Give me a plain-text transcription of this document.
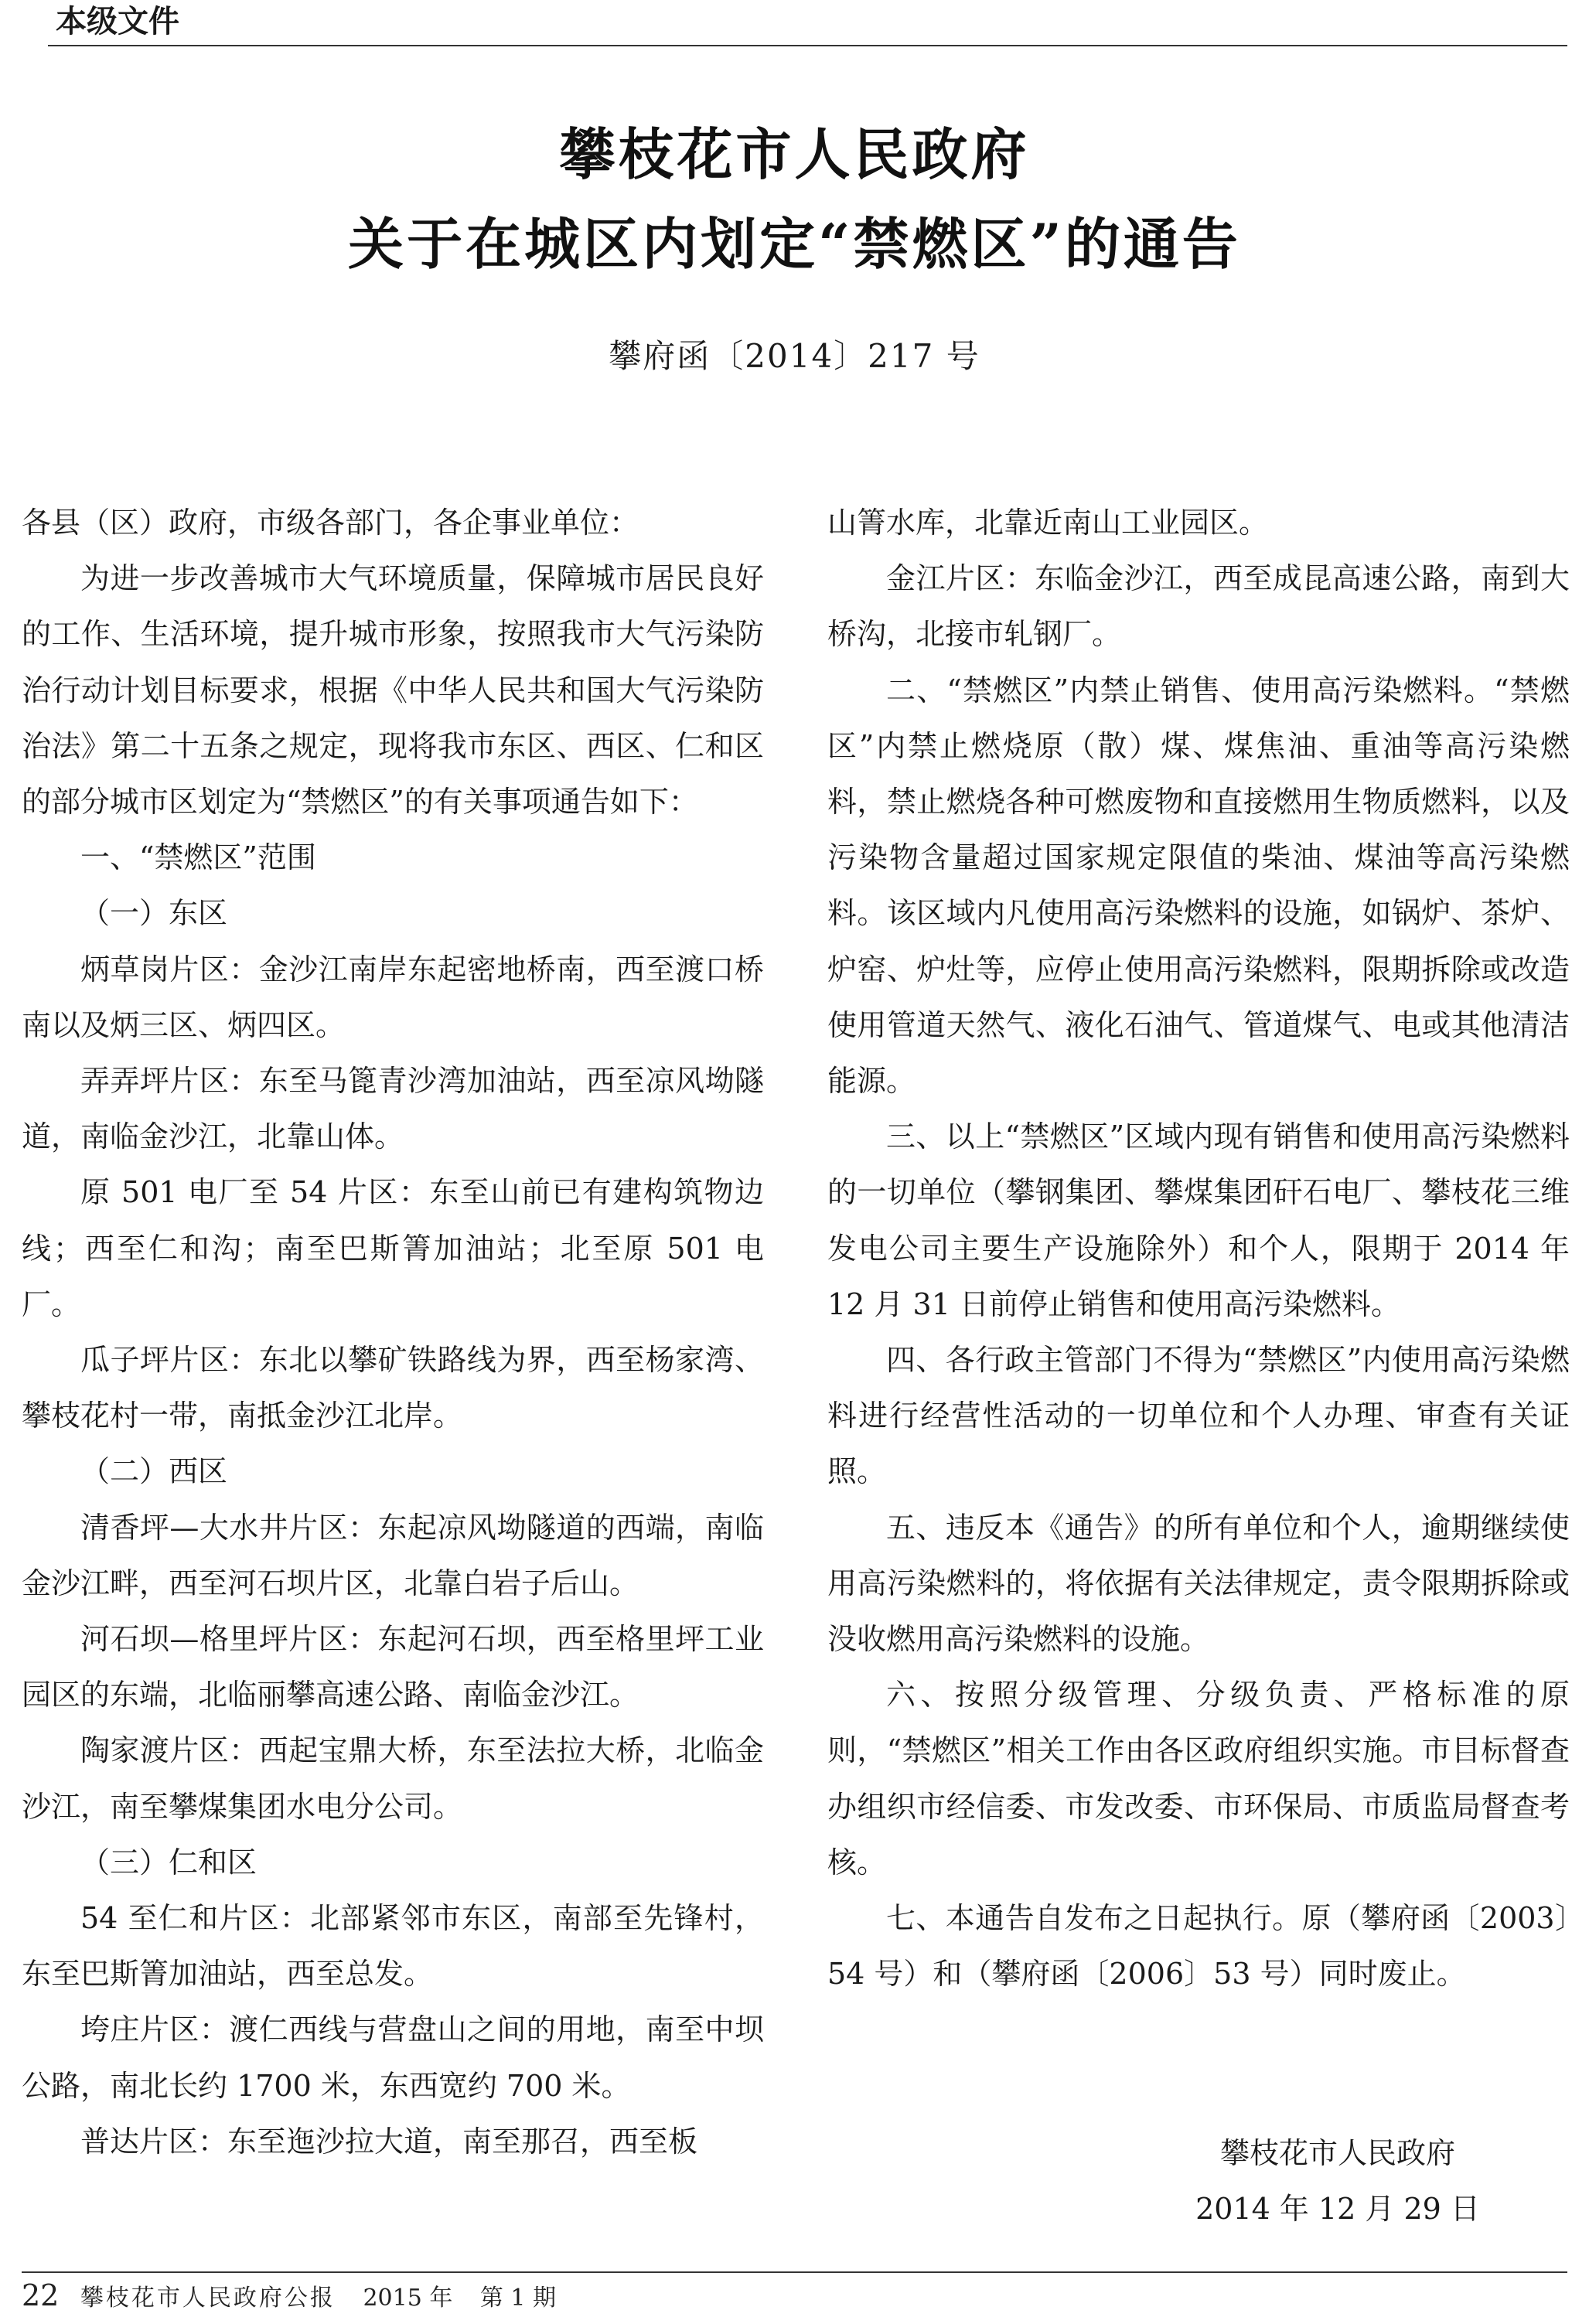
本级文件
攀枝花市人民政府
关于在城区内划定“禁燃区”的通告
攀府函〔2014〕217 号

各县（区）政府，市级各部门，各企事业单位：

为进一步改善城市大气环境质量，保障城市居民良好的工作、生活环境，提升城市形象，按照我市大气污染防治行动计划目标要求，根据《中华人民共和国大气污染防治法》第二十五条之规定，现将我市东区、西区、仁和区的部分城市区划定为“禁燃区”的有关事项通告如下：

一、“禁燃区”范围

（一）东区

炳草岗片区：金沙江南岸东起密地桥南，西至渡口桥南以及炳三区、炳四区。

弄弄坪片区：东至马篦青沙湾加油站，西至凉风坳隧道，南临金沙江，北靠山体。

原 501 电厂至 54 片区：东至山前已有建构筑物边线；西至仁和沟；南至巴斯箐加油站；北至原 501 电厂。

瓜子坪片区：东北以攀矿铁路线为界，西至杨家湾、攀枝花村一带，南抵金沙江北岸。

（二）西区

清香坪—大水井片区：东起凉风坳隧道的西端，南临金沙江畔，西至河石坝片区，北靠白岩子后山。

河石坝—格里坪片区：东起河石坝，西至格里坪工业园区的东端，北临丽攀高速公路、南临金沙江。

陶家渡片区：西起宝鼎大桥，东至法拉大桥，北临金沙江，南至攀煤集团水电分公司。

（三）仁和区

54 至仁和片区：北部紧邻市东区，南部至先锋村，东至巴斯箐加油站，西至总发。

垮庄片区：渡仁西线与营盘山之间的用地，南至中坝公路，南北长约 1700 米，东西宽约 700 米。

普达片区：东至迤沙拉大道，南至那召，西至板

山箐水库，北靠近南山工业园区。

金江片区：东临金沙江，西至成昆高速公路，南到大桥沟，北接市轧钢厂。

二、“禁燃区”内禁止销售、使用高污染燃料。“禁燃区”内禁止燃烧原（散）煤、煤焦油、重油等高污染燃料，禁止燃烧各种可燃废物和直接燃用生物质燃料，以及污染物含量超过国家规定限值的柴油、煤油等高污染燃料。该区域内凡使用高污染燃料的设施，如锅炉、茶炉、炉窑、炉灶等，应停止使用高污染燃料，限期拆除或改造使用管道天然气、液化石油气、管道煤气、电或其他清洁能源。

三、以上“禁燃区”区域内现有销售和使用高污染燃料的一切单位（攀钢集团、攀煤集团矸石电厂、攀枝花三维发电公司主要生产设施除外）和个人，限期于 2014 年 12 月 31 日前停止销售和使用高污染燃料。

四、各行政主管部门不得为“禁燃区”内使用高污染燃料进行经营性活动的一切单位和个人办理、审查有关证照。

五、违反本《通告》的所有单位和个人，逾期继续使用高污染燃料的，将依据有关法律规定，责令限期拆除或没收燃用高污染燃料的设施。

六、按照分级管理、分级负责、严格标准的原则，“禁燃区”相关工作由各区政府组织实施。市目标督查办组织市经信委、市发改委、市环保局、市质监局督查考核。

七、本通告自发布之日起执行。原（攀府函〔2003〕54 号）和（攀府函〔2006〕53 号）同时废止。

攀枝花市人民政府
2014 年 12 月 29 日
22 攀枝花市人民政府公报 2015 年 第 1 期
